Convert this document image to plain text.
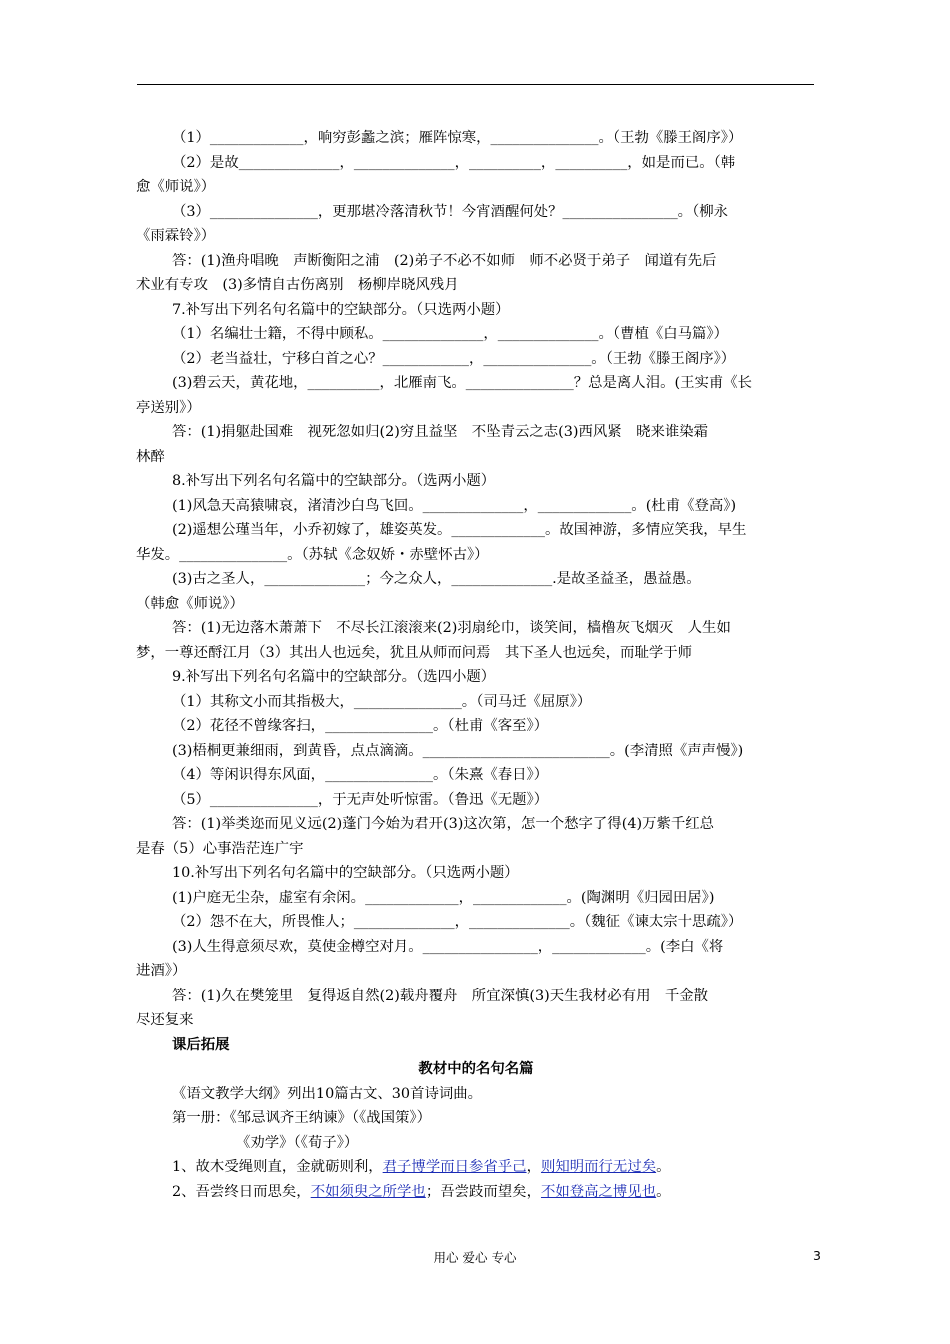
（1）_____________，响穷彭蠡之滨；雁阵惊寒，_______________。（王勃《滕王阁序》）

（2）是故______________，______________，__________，__________，如是而已。（韩

愈《师说》）

（3）_______________，更那堪冷落清秋节！今宵酒醒何处？________________。（柳永

《雨霖铃》）

答：(1)渔舟唱晚　声断衡阳之浦　(2)弟子不必不如师　师不必贤于弟子　闻道有先后

术业有专攻　(3)多情自古伤离别　杨柳岸晓风残月

7.补写出下列名句名篇中的空缺部分。（只选两小题）

（1）名编壮士籍，不得中顾私。______________，______________。（曹植《白马篇》）

（2）老当益壮，宁移白首之心？____________，_______________。（王勃《滕王阁序》）

(3)碧云天，黄花地，__________，北雁南飞。_______________？总是离人泪。(王实甫《长

亭送别》）

答：(1)捐躯赴国难　视死忽如归(2)穷且益坚　不坠青云之志(3)西风紧　晓来谁染霜

林醉

8.补写出下列名句名篇中的空缺部分。（选两小题）

(1)风急天高猿啸哀，渚清沙白鸟飞回。______________，_____________。(杜甫《登高》)

(2)遥想公瑾当年，小乔初嫁了，雄姿英发。_____________。故国神游，多情应笑我，早生

华发。_______________。（苏轼《念奴娇・赤壁怀古》）

(3)古之圣人，______________；今之众人，______________.是故圣益圣，愚益愚。

（韩愈《师说》）

答：(1)无边落木萧萧下　不尽长江滚滚来(2)羽扇纶巾，谈笑间，樯橹灰飞烟灭　人生如

梦，一尊还酹江月（3）其出人也远矣，犹且从师而问焉　其下圣人也远矣，而耻学于师

9.补写出下列名句名篇中的空缺部分。（选四小题）

（1）其称文小而其指极大，_______________。（司马迁《屈原》）

（2）花径不曾缘客扫，_______________。（杜甫《客至》）

(3)梧桐更兼细雨，到黄昏，点点滴滴。__________________________。(李清照《声声慢》)

（4）等闲识得东风面，_______________。（朱熹《春日》）

（5）_______________，于无声处听惊雷。（鲁迅《无题》）

答：(1)举类迩而见义远(2)蓬门今始为君开(3)这次第，怎一个愁字了得(4)万紫千红总

是春（5）心事浩茫连广宇

10.补写出下列名句名篇中的空缺部分。（只选两小题）

(1)户庭无尘杂，虚室有余闲。_____________，_____________。(陶渊明《归园田居》)

（2）怨不在大，所畏惟人；______________，______________。（魏征《谏太宗十思疏》）

(3)人生得意须尽欢，莫使金樽空对月。________________，_____________。(李白《将

进酒》）

答：(1)久在樊笼里　复得返自然(2)载舟覆舟　所宜深慎(3)天生我材必有用　千金散

尽还复来

课后拓展

教材中的名句名篇

《语文教学大纲》列出10篇古文、30首诗词曲。

第一册：《邹忌讽齐王纳谏》（《战国策》）

《劝学》（《荀子》）

1、故木受绳则直，金就砺则利，君子博学而日参省乎己，则知明而行无过矣。

2、吾尝终日而思矣，不如须臾之所学也；吾尝跂而望矣，不如登高之博见也。

用心 爱心 专心	3
